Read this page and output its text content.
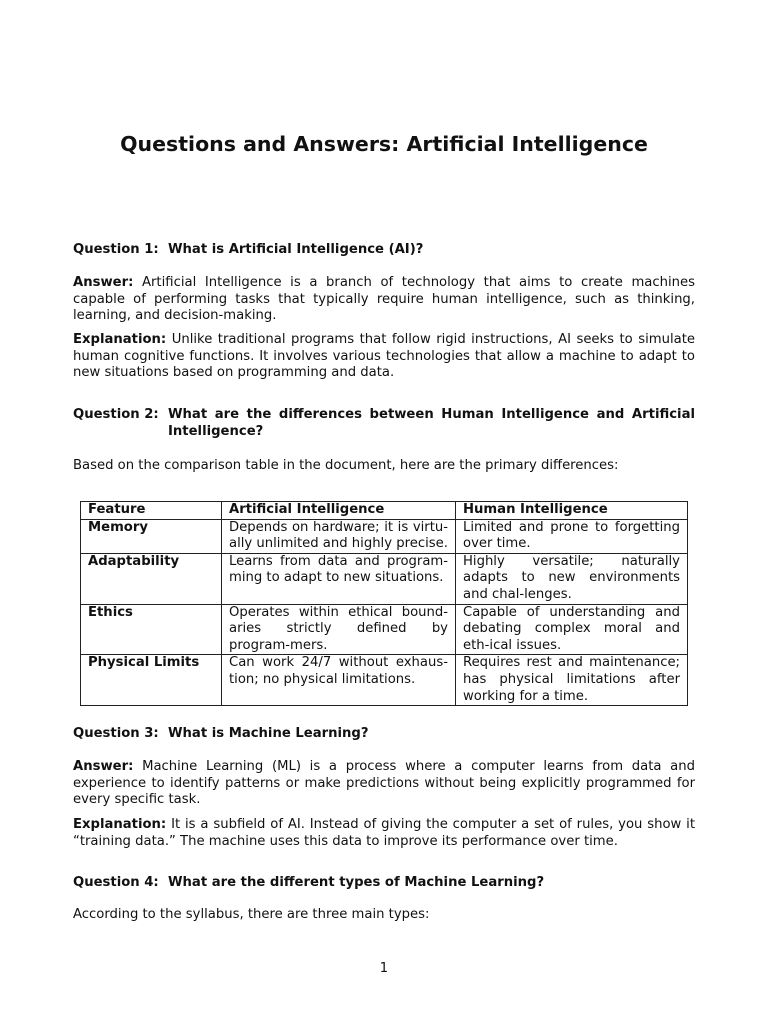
Questions and Answers: Artificial Intelligence
Question 1: What is Artificial Intelligence (AI)?
Answer: Artificial Intelligence is a branch of technology that aims to create machines capable of performing tasks that typically require human intelligence, such as thinking, learning, and decision-making.
Explanation: Unlike traditional programs that follow rigid instructions, AI seeks to simulate human cognitive functions. It involves various technologies that allow a machine to adapt to new situations based on programming and data.
Question 2: What are the differences between Human Intelligence and Artificial Intelligence?
Based on the comparison table in the document, here are the primary differences:
Feature	Artificial Intelligence	Human Intelligence
Memory	Depends on hardware; it is virtu-ally unlimited and highly precise.	Limited and prone to forgetting over time.
Adaptability	Learns from data and program-ming to adapt to new situations.	Highly versatile; naturally adapts to new environments and chal-lenges.
Ethics	Operates within ethical bound-aries strictly defined by program-mers.	Capable of understanding and debating complex moral and eth-ical issues.
Physical Limits	Can work 24/7 without exhaus-tion; no physical limitations.	Requires rest and maintenance; has physical limitations after working for a time.
Question 3: What is Machine Learning?
Answer: Machine Learning (ML) is a process where a computer learns from data and experience to identify patterns or make predictions without being explicitly programmed for every specific task.
Explanation: It is a subfield of AI. Instead of giving the computer a set of rules, you show it “training data.” The machine uses this data to improve its performance over time.
Question 4: What are the different types of Machine Learning?
According to the syllabus, there are three main types:
1
